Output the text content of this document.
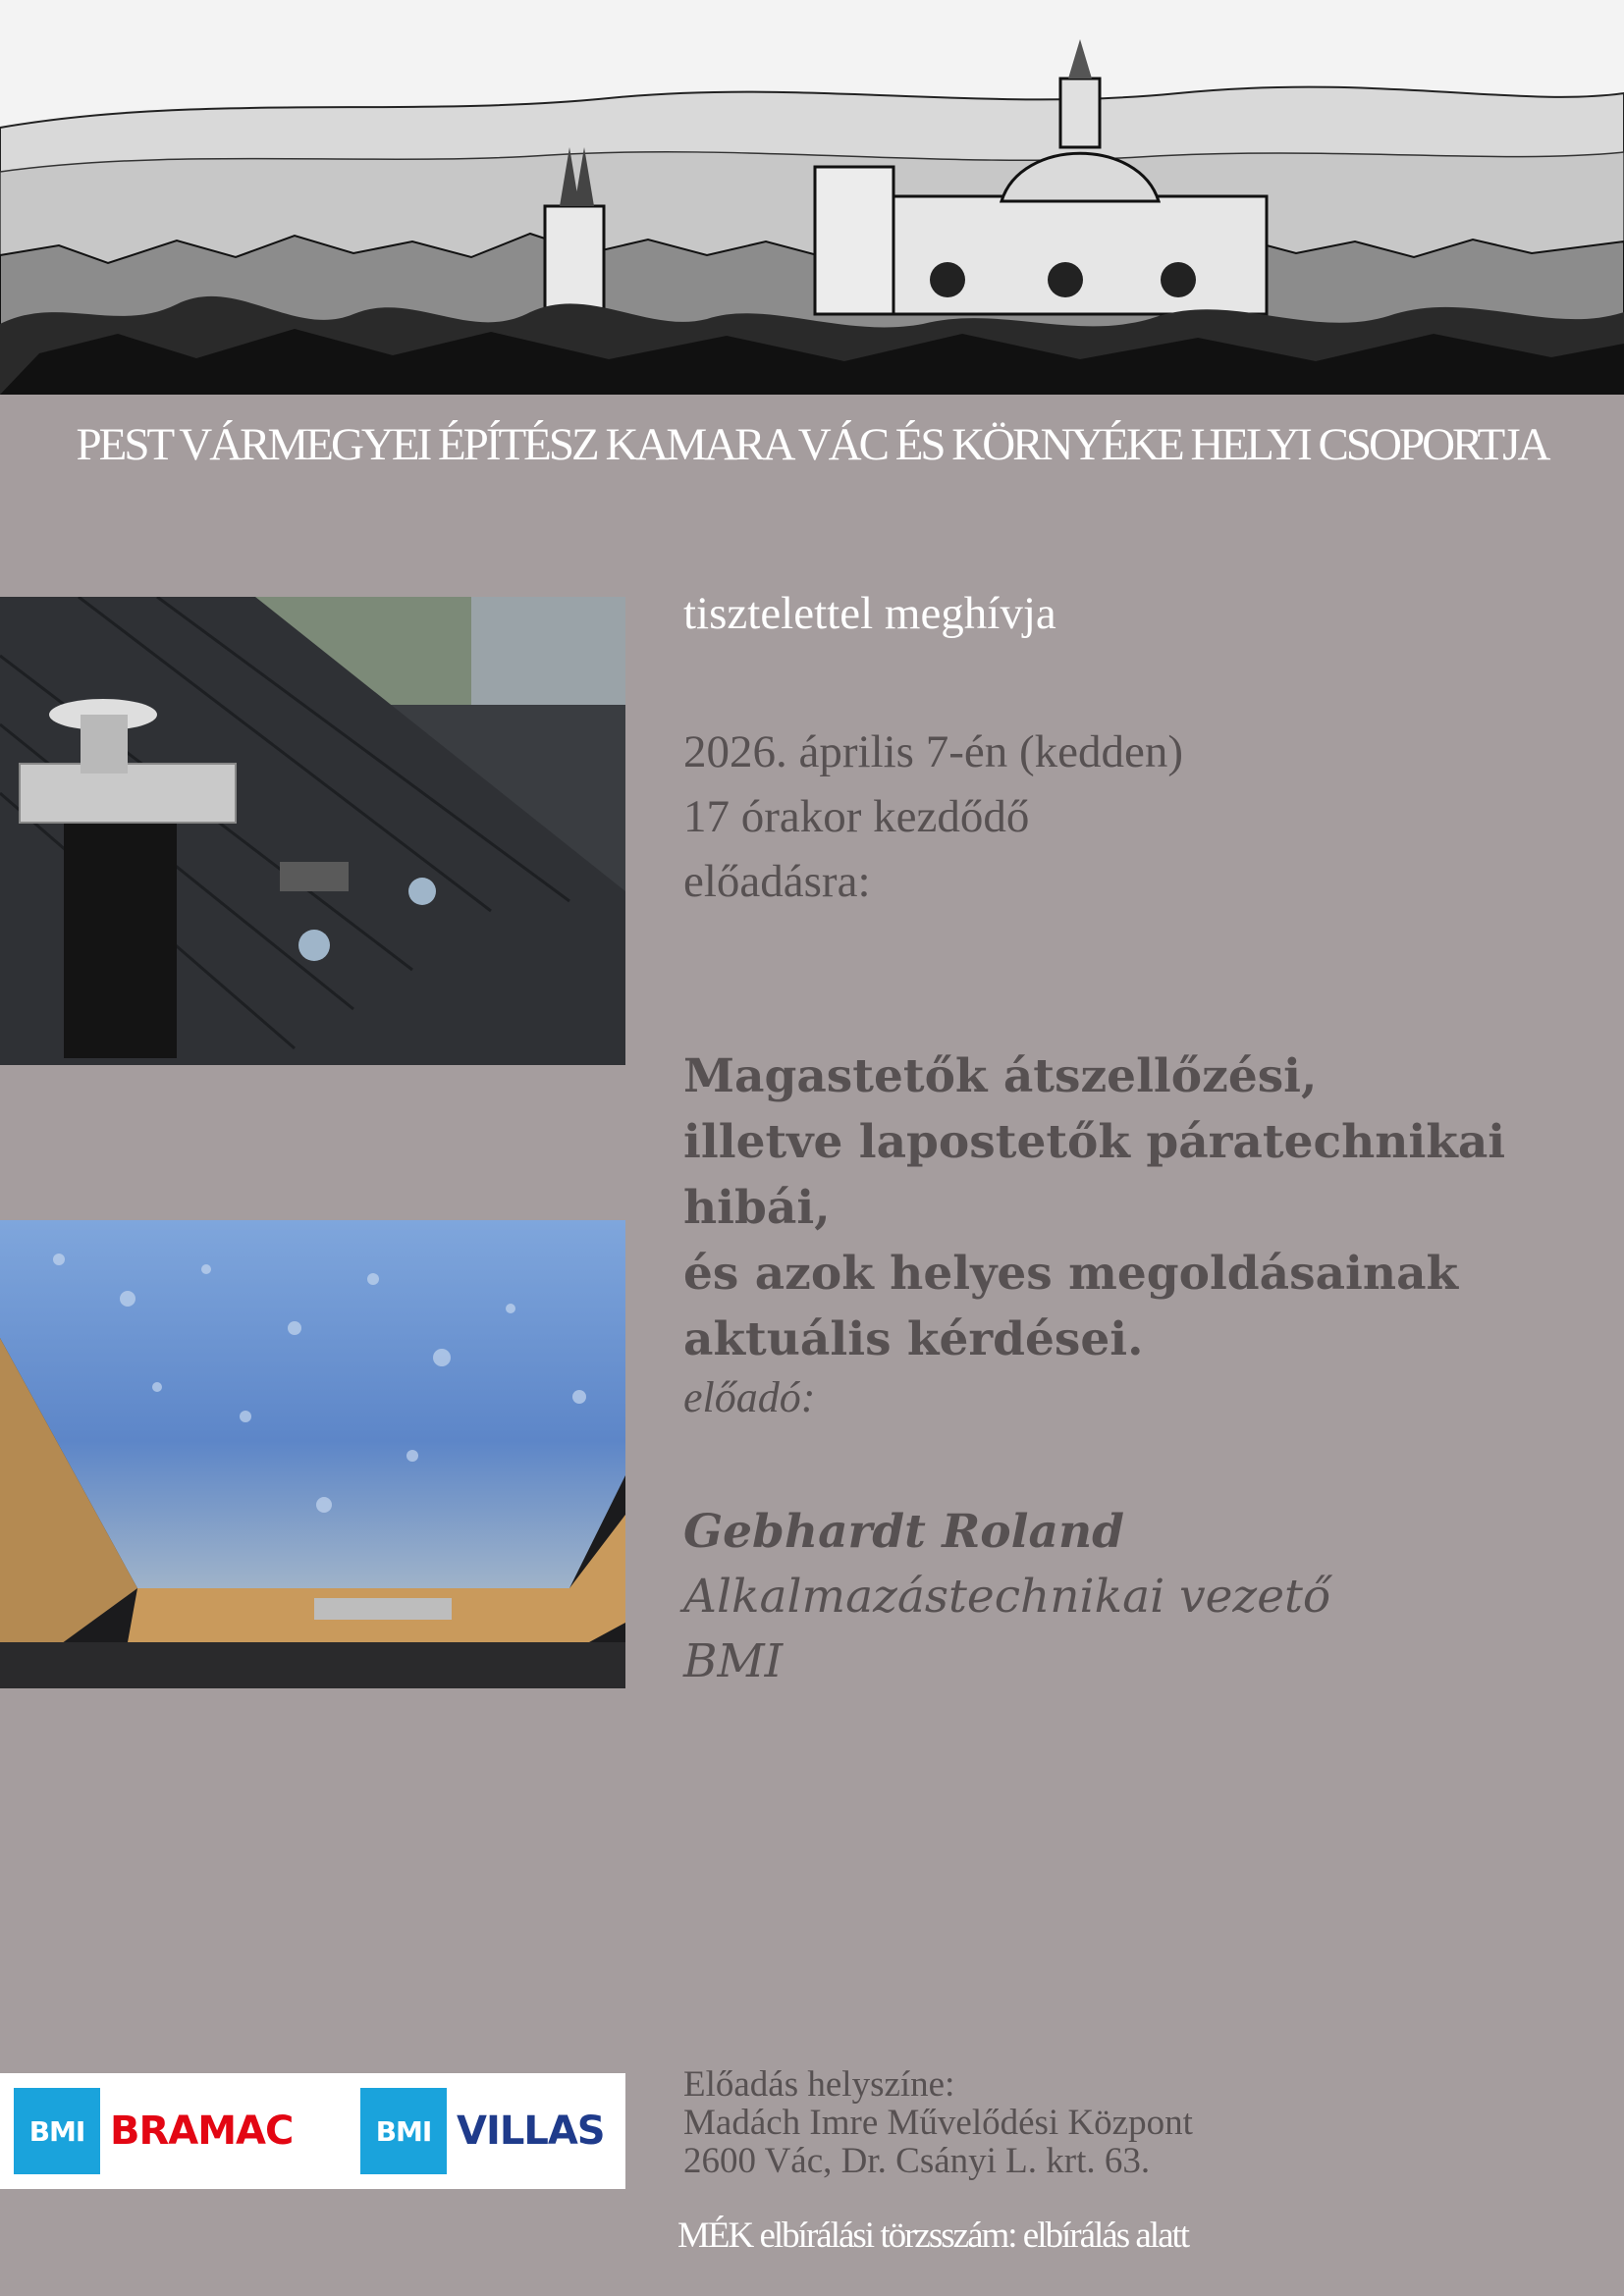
PEST VÁRMEGYEI ÉPÍTÉSZ KAMARA VÁC ÉS KÖRNYÉKE HELYI CSOPORTJA
tisztelettel meghívja
2026. április 7-én (kedden)
17 órakor kezdődő
előadásra:
Magastetők átszellőzési,
illetve lapostetők páratechnikai hibái,
és azok helyes megoldásainak
aktuális kérdései.
előadó:
Gebhardt Roland
Alkalmazástechnikai vezető
BMI
BMI BRAMAC	BMI VILLAS
Előadás helyszíne:
Madách Imre Művelődési Központ
2600 Vác, Dr. Csányi L. krt. 63.
MÉK elbírálási törzsszám: elbírálás alatt
